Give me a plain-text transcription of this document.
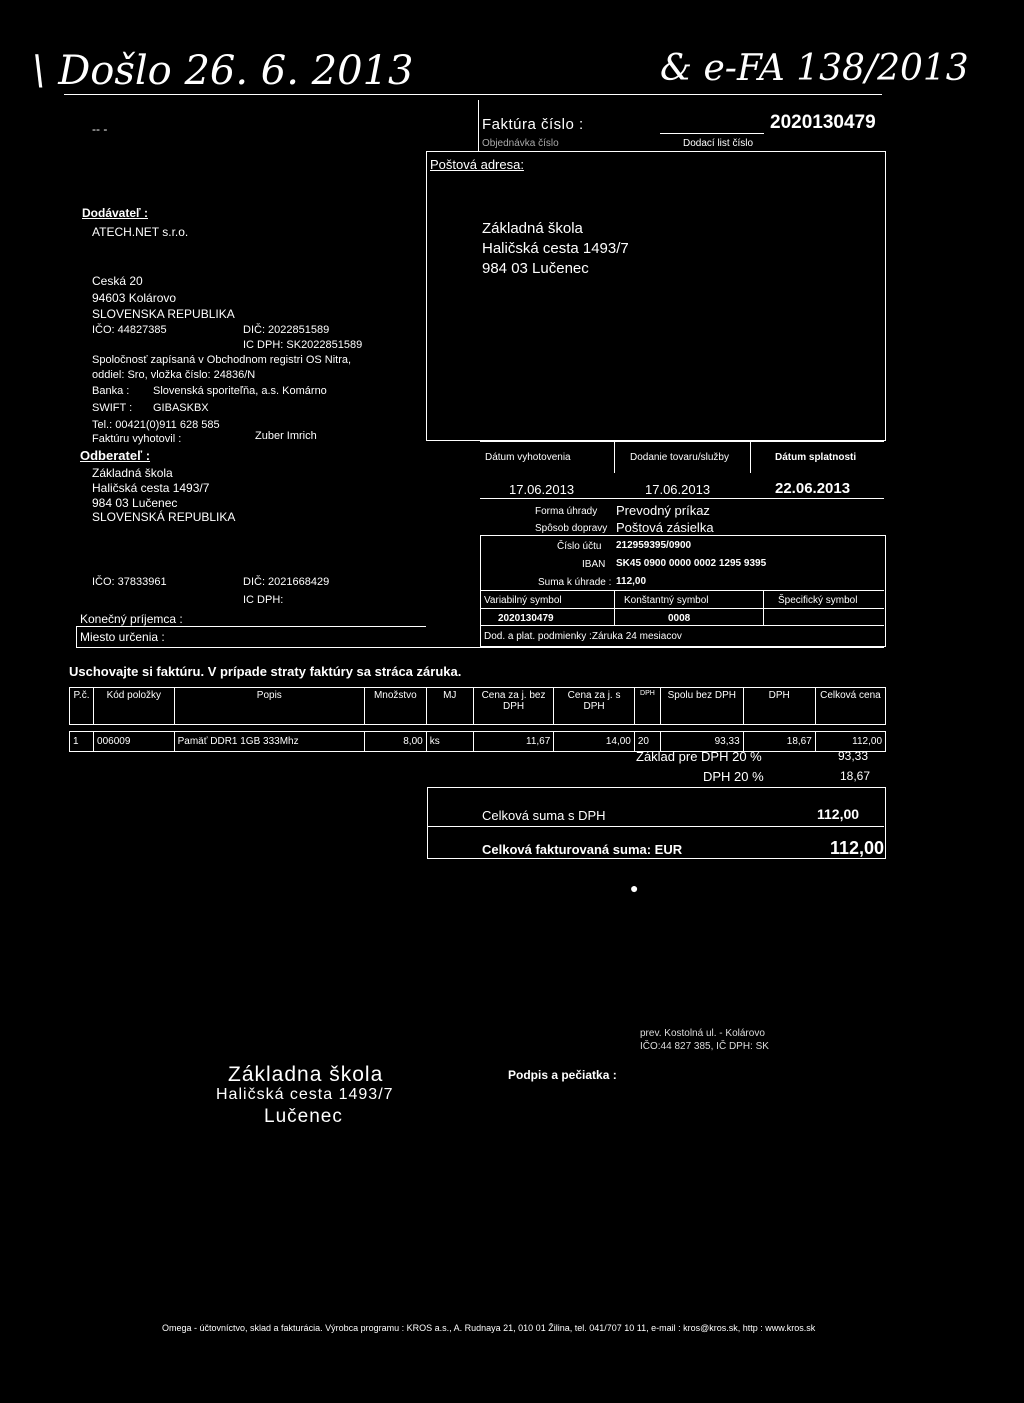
\ Došlo 26. 6. 2013	& e-FA 138/2013
-- -	Faktúra číslo :	2020130479
Objednávka číslo	Dodací list číslo
Poštová adresa:
Základná škola
Haličská cesta 1493/7
984 03 Lučenec
Dodávateľ :
ATECH.NET s.r.o.
Ceská 20
94603 Kolárovo
SLOVENSKA REPUBLIKA
IČO: 44827385	DIČ: 2022851589
IC DPH: SK2022851589
Spoločnosť zapísaná v Obchodnom registri OS Nitra,
oddiel: Sro, vložka číslo: 24836/N
Banka : Slovenská sporiteľňa, a.s. Komárno
SWIFT : GIBASKBX
Tel.: 00421(0)911 628 585
Faktúru vyhotovil :	Zuber Imrich
Odberateľ :
Základná škola
Haličská cesta 1493/7
984 03 Lučenec
SLOVENSKÁ REPUBLIKA
IČO: 37833961	DIČ: 2021668429
IC DPH:
Konečný príjemca :
Miesto určenia :
Dátum vyhotovenia	Dodanie tovaru/služby	Dátum splatnosti
17.06.2013	17.06.2013	22.06.2013
Forma úhrady Prevodný príkaz
Spôsob dopravy Poštová zásielka
Číslo účtu 212959395/0900
IBAN SK45 0900 0000 0002 1295 9395
Suma k úhrade : 112,00
Variabilný symbol	Konštantný symbol	Špecifický symbol
2020130479	0008
Dod. a plat. podmienky :Záruka 24 mesiacov
Uschovajte si faktúru. V prípade straty faktúry sa stráca záruka.
P.č.	Kód položky	Popis	Množstvo	MJ	Cena za j. bez DPH	Cena za j. s DPH	DPH	Spolu bez DPH	DPH	Celková cena

1	006009	Pamäť DDR1 1GB 333Mhz	8,00	ks	11,67	14,00	20	93,33	18,67	112,00
Základ pre DPH 20 %	93,33
DPH 20 %	18,67
Celková suma s DPH	112,00
Celková fakturovaná suma: EUR	112,00
●
prev. Kostolná ul. - Kolárovo
IČO:44 827 385, IČ DPH: SK
Základna škola
Haličská cesta 1493/7
Lučenec
Podpis a pečiatka :
Omega - účtovníctvo, sklad a fakturácia. Výrobca programu : KROS a.s., A. Rudnaya 21, 010 01 Žilina, tel. 041/707 10 11, e-mail : kros@kros.sk, http : www.kros.sk
